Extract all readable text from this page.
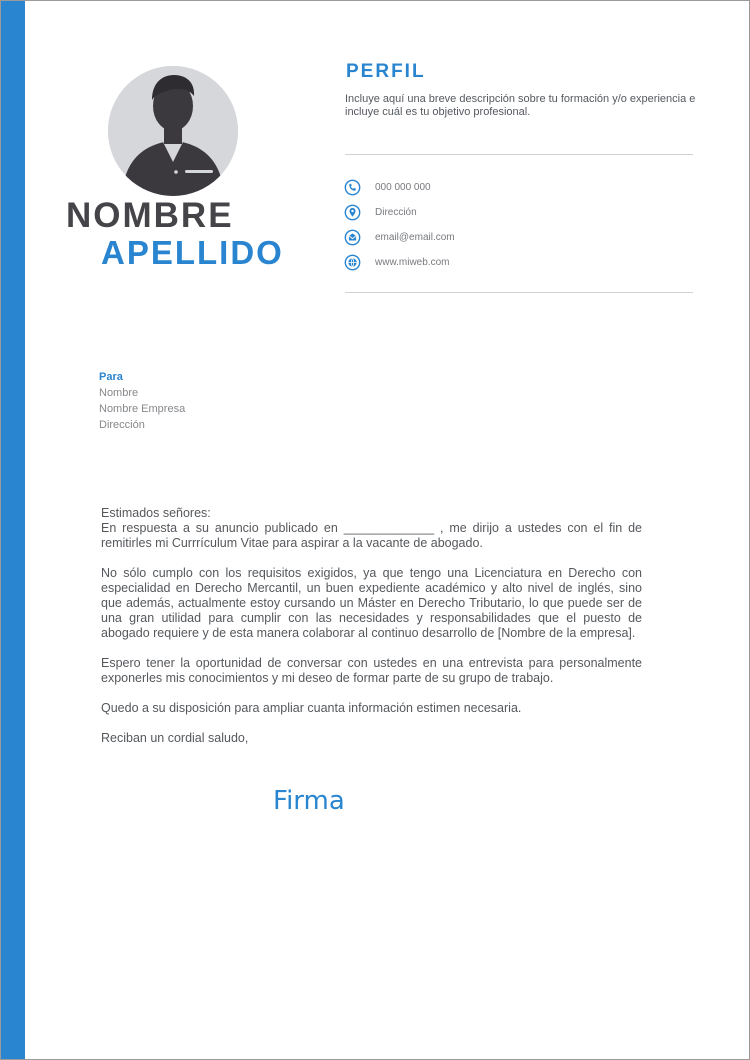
NOMBRE
APELLIDO
PERFIL
Incluye aquí una breve descripción sobre tu formación y/o experiencia e incluye cuál es tu objetivo profesional.
000 000 000
Dirección
email@email.com
www.miweb.com
Para
Nombre
Nombre Empresa
Dirección

Estimados señores:

En respuesta a su anuncio publicado en _____________ , me dirijo a ustedes con el fin de remitirles mi Currrículum Vitae para aspirar a la vacante de abogado.

No sólo cumplo con los requisitos exigidos, ya que tengo una Licenciatura en Derecho con especialidad en Derecho Mercantil, un buen expediente académico y alto nivel de inglés, sino que además, actualmente estoy cursando un Máster en Derecho Tributario, lo que puede ser de una gran utilidad para cumplir con las necesidades y responsabilidades que el puesto de abogado requiere y de esta manera colaborar al continuo desarrollo de [Nombre de la empresa].

Espero tener la oportunidad de conversar con ustedes en una entrevista para personalmente exponerles mis conocimientos y mi deseo de formar parte de su grupo de trabajo.

Quedo a su disposición para ampliar cuanta información estimen necesaria.

Reciban un cordial saludo,

Firma
